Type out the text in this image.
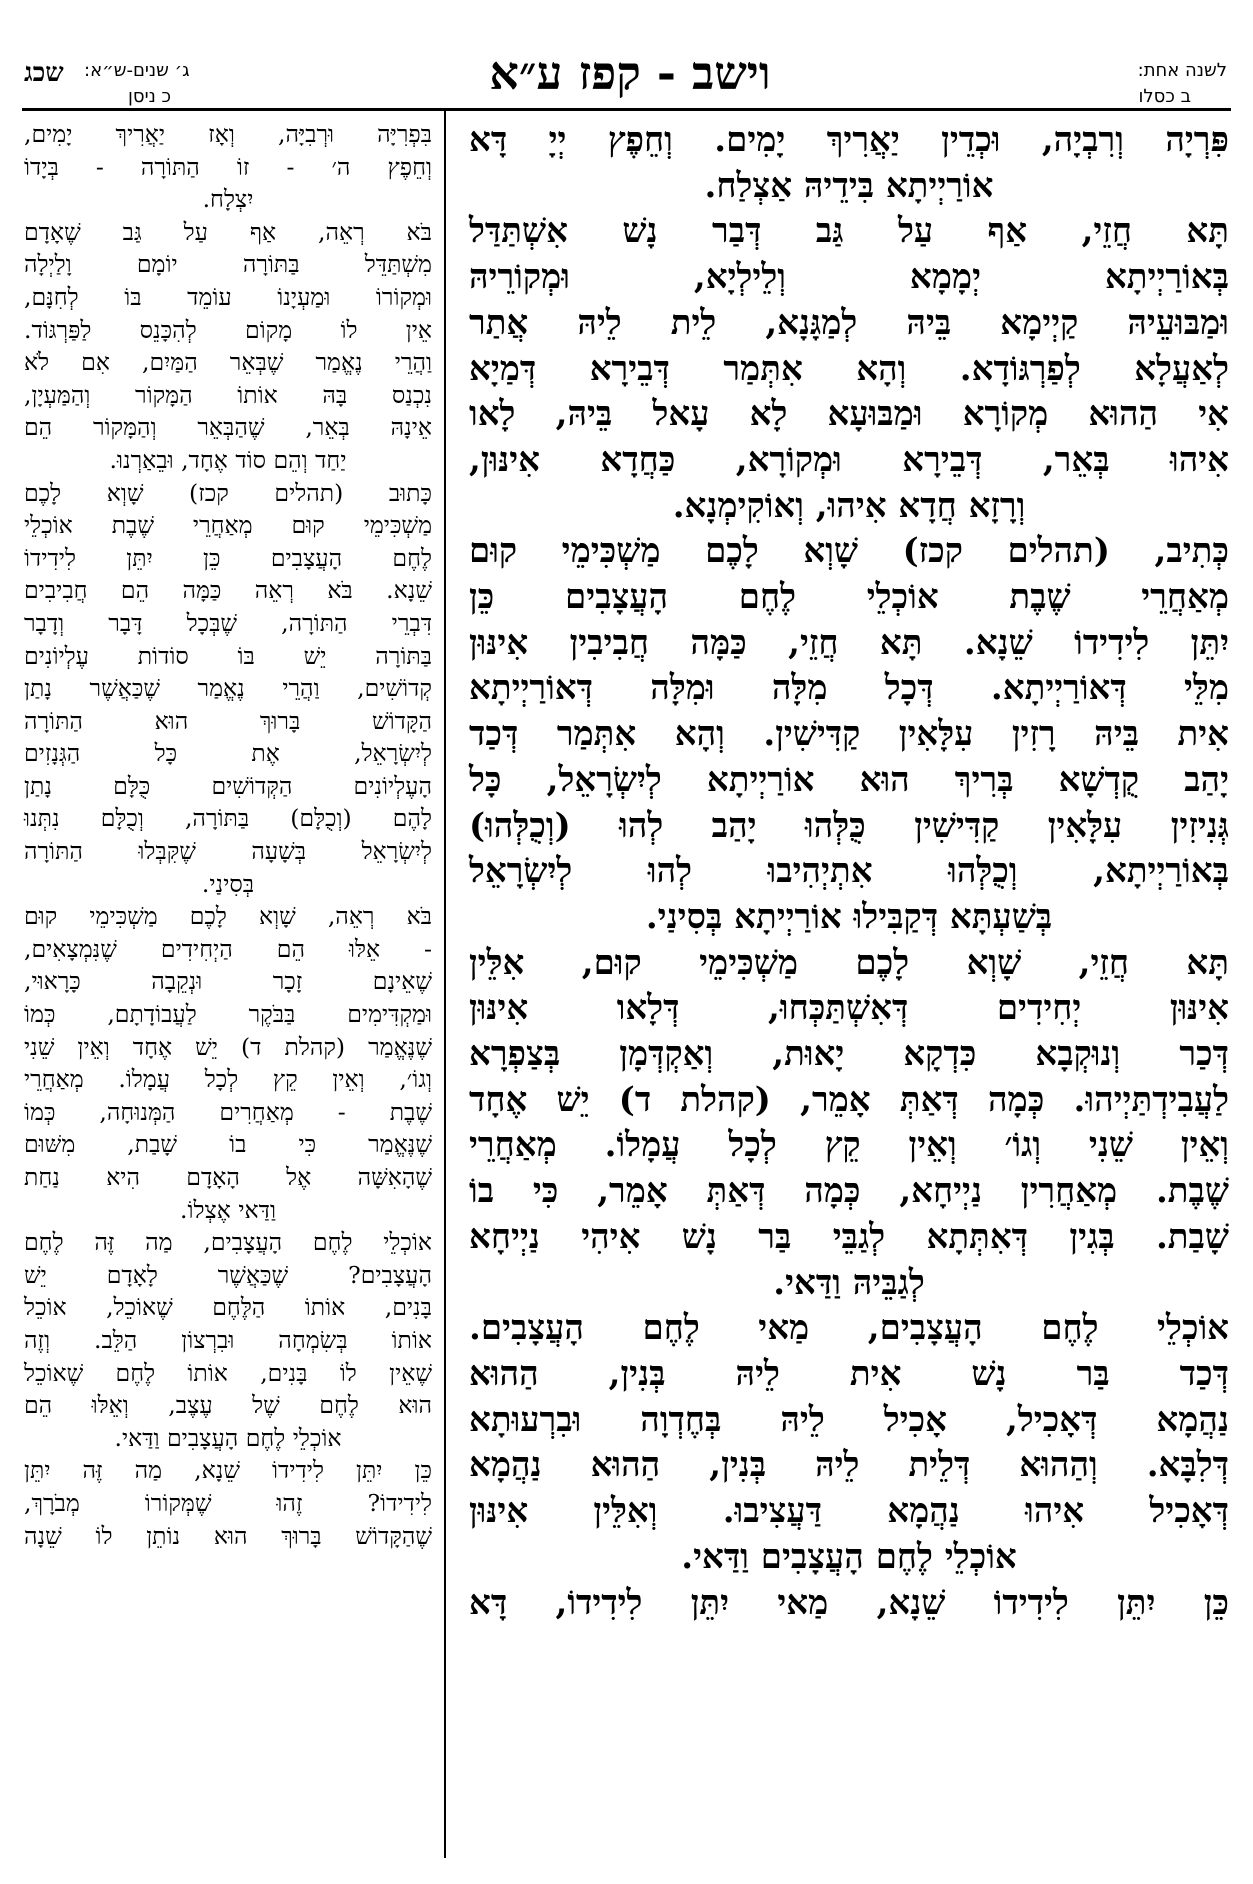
שכג ג׳ שנים-ש״א:
כ ניסן	וישב - קפז ע״א	לשנה אחת:
ב כסלו

פִּרְיָה וְרִבְיָה, וּכְדֵין יַאֲרִיךְ יָמִים. וְחֵפֶץ יְיָ דָּא

אוֹרַיְיתָא בִּידֵיהּ אַצְלַח.

תָּא חֲזֵי, אַף עַל גַּב דְּבַר נָשׁ אִשְׁתַּדַּל

בְּאוֹרַיְיתָא יְמָמָא וְלֵילְיָא, וּמְקוֹרֵיהּ

וּמַבּוּעֵיהּ קַיְימָא בֵּיהּ לְמַגָּנָא, לֵית לֵיהּ אֲתַר

לְאַעֲלָא לְפַרְגּוֹדָא. וְהָא אִתְּמַר דְּבֵירָא דְּמַיָא

אִי הַהוּא מְקוֹרָא וּמַבּוּעָא לָא עָאל בֵּיהּ, לָאו

אִיהוּ בְּאֵר, דְּבֵירָא וּמְקוֹרָא, כַּחֲדָא אִינּוּן,

וְרָזָא חֲדָא אִיהוּ, וְאוֹקִימְנָא.

כְּתִיב, (תהלים קכז) שָׁוְא לָכֶם מַשְׁכִּימֵי קוּם

מְאַחֲרֵי שֶׁבֶת אוֹכְלֵי לֶחֶם הָעֲצָבִים כֵּן

יִתֵּן לִידִידוֹ שֵׁנָא. תָּא חֲזֵי, כַּמָּה חֲבִיבִין אִינּוּן

מִלֵּי דְּאוֹרַיְיתָא. דְּכָל מִלָּה וּמִלָּה דְּאוֹרַיְיתָא

אִית בֵּיהּ רָזִין עִלָּאִין קַדִּישִׁין. וְהָא אִתְּמַר דְּכַד

יָהַב קֻדְשָׁא בְּרִיךְ הוּא אוֹרַיְיתָא לְיִשְׂרָאֵל, כָּל

גְּנִיזִין עִלָּאִין קַדִּישִׁין כֻּלְּהוּ יָהַב לְהוּ (וְכֻלְּהוּ)

בְּאוֹרַיְיתָא, וְכֻלְּהוּ אִתְיְהִיבוּ לְהוּ לְיִשְׂרָאֵל

בְּשַׁעְתָּא דְּקַבִּילוּ אוֹרַיְיתָא בְּסִינַי.

תָּא חֲזֵי, שָׁוְא לָכֶם מַשְׁכִּימֵי קוּם, אִלֵּין

אִינּוּן יְחִידִים דְּאִשְׁתַּכְּחוּ, דְּלָאו אִינּוּן

דְּכַר וְנוּקְבָא כִּדְקָא יָאוּת, וְאַקְדְּמָן בְּצַפְרָא

לַעֲבִידְתַּיְיהוּ. כְּמָה דְּאַתְּ אָמֵר, (קהלת ד) יֵשׁ אֶחָד

וְאֵין שֵׁנִי וְגוֹ׳ וְאֵין קֵץ לְכָל עֲמָלוֹ. מְאַחֲרֵי

שֶׁבֶת. מְאַחֲרִין נַיְיחָא, כְּמָה דְּאַתְּ אָמֵר, כִּי בוֹ

שָׁבַת. בְּגִין דְּאִתְּתָא לְגַבֵּי בַּר נָשׁ אִיהִי נַיְיחָא

לְגַבֵּיהּ וַדַּאי.

אוֹכְלֵי לֶחֶם הָעֲצָבִים, מַאי לֶחֶם הָעֲצָבִים.

דְּכַד בַּר נָשׁ אִית לֵיהּ בְּנִין, הַהוּא

נַהֲמָא דְּאָכִיל, אָכִיל לֵיהּ בְּחֶדְוָה וּבִרְעוּתָא

דְּלִבָּא. וְהַהוּא דְּלֵית לֵיהּ בְּנִין, הַהוּא נַהֲמָא

דְּאָכִיל אִיהוּ נַהֲמָא דַּעֲצִיבוּ. וְאִלֵּין אִינּוּן

אוֹכְלֵי לֶחֶם הָעֲצָבִים וַדַּאי.

כֵּן יִתֵּן לִידִידוֹ שֵׁנָא, מַאי יִתֵּן לִידִידוֹ, דָּא

בִּפְרִיָּה וּרְבִיָּה, וְאָז יַאֲרִיךְ יָמִים,

וְחֵפֶץ ה׳ - זוֹ הַתּוֹרָה - בְּיָדוֹ

יִצְלָח.

בֹּא רְאֵה, אַף עַל גַּב שֶׁאָדָם

מִשְׁתַּדֵּל בַּתּוֹרָה יוֹמָם וָלַיְלָה

וּמְקוֹרוֹ וּמַעְיָנוֹ עוֹמֵד בּוֹ לְחִנָּם,

אֵין לוֹ מָקוֹם לְהִכָּנֵס לַפַּרְגּוֹד.

וַהֲרֵי נֶאֱמַר שֶׁבְּאֵר הַמַּיִם, אִם לֹא

נִכְנַס בָּהּ אוֹתוֹ הַמָּקוֹר וְהַמַּעְיָן,

אֵינָהּ בְּאֵר, שֶׁהַבְּאֵר וְהַמָּקוֹר הֵם

יַחַד וְהֵם סוֹד אֶחָד, וּבֵאַרְנוּ.

כָּתוּב (תהלים קכז) שָׁוְא לָכֶם

מַשְׁכִּימֵי קוּם מְאַחֲרֵי שֶׁבֶת אוֹכְלֵי

לֶחֶם הָעֲצָבִים כֵּן יִתֵּן לִידִידוֹ

שֵׁנָא. בֹּא רְאֵה כַּמָּה הֵם חֲבִיבִים

דִּבְרֵי הַתּוֹרָה, שֶׁבְּכָל דָּבָר וְדָבָר

בַּתּוֹרָה יֵשׁ בּוֹ סוֹדוֹת עֶלְיוֹנִים

קְדוֹשִׁים, וַהֲרֵי נֶאֱמַר שֶׁכַּאֲשֶׁר נָתַן

הַקָּדוֹשׁ בָּרוּךְ הוּא הַתּוֹרָה

לְיִשְׂרָאֵל, אֶת כָּל הַגְּנָזִים

הָעֶלְיוֹנִים הַקְּדוֹשִׁים כֻּלָּם נָתַן

לָהֶם (וְכֻלָּם) בַּתּוֹרָה, וְכֻלָּם נִתְּנוּ

לְיִשְׂרָאֵל בְּשָׁעָה שֶׁקִּבְּלוּ הַתּוֹרָה

בְּסִינַי.

בֹּא רְאֵה, שָׁוְא לָכֶם מַשְׁכִּימֵי קוּם

- אֵלּוּ הֵם הַיְחִידִים שֶׁנִּמְצָאִים,

שֶׁאֵינָם זָכָר וּנְקֵבָה כָּרָאוּי,

וּמַקְדִּימִים בַּבֹּקֶר לַעֲבוֹדָתָם, כְּמוֹ

שֶׁנֶּאֱמַר (קהלת ד) יֵשׁ אֶחָד וְאֵין שֵׁנִי

וְגוֹ׳, וְאֵין קֵץ לְכָל עֲמָלוֹ. מְאַחֲרֵי

שֶׁבֶת - מְאַחֲרִים הַמְּנוּחָה, כְּמוֹ

שֶׁנֶּאֱמַר כִּי בוֹ שָׁבַת, מִשּׁוּם

שֶׁהָאִשָּׁה אֶל הָאָדָם הִיא נַחַת

וַדַּאי אֶצְלוֹ.

אוֹכְלֵי לֶחֶם הָעֲצָבִים, מַה זֶּה לֶחֶם

הָעֲצָבִים? שֶׁכַּאֲשֶׁר לָאָדָם יֵשׁ

בָּנִים, אוֹתוֹ הַלֶּחֶם שֶׁאוֹכֵל, אוֹכֵל

אוֹתוֹ בְּשִׂמְחָה וּבִרְצוֹן הַלֵּב. וְזֶה

שֶׁאֵין לוֹ בָּנִים, אוֹתוֹ לֶחֶם שֶׁאוֹכֵל

הוּא לֶחֶם שֶׁל עֶצֶב, וְאֵלּוּ הֵם

אוֹכְלֵי לֶחֶם הָעֲצָבִים וַדַּאי.

כֵּן יִתֵּן לִידִידוֹ שֵׁנָא, מַה זֶּה יִתֵּן

לִידִידוֹ? זֶהוּ שֶׁמְּקוֹרוֹ מְבֹרָךְ,

שֶׁהַקָּדוֹשׁ בָּרוּךְ הוּא נוֹתֵן לוֹ שֵׁנָה
